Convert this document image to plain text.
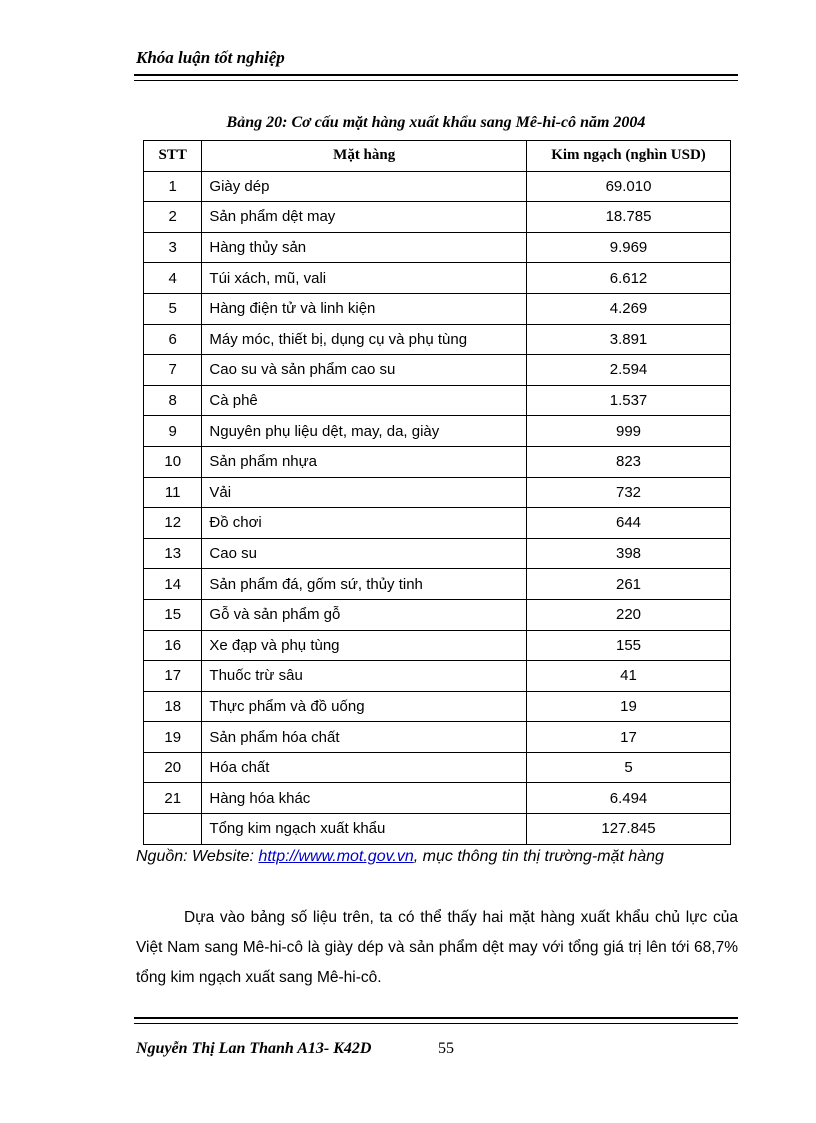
Khóa luận tốt nghiệp
Bảng 20: Cơ cấu mặt hàng xuất khẩu sang Mê-hi-cô năm 2004
STT	Mặt hàng	Kim ngạch (nghìn USD)
1	Giày dép	69.010
2	Sản phẩm dệt may	18.785
3	Hàng thủy sản	9.969
4	Túi xách, mũ, vali	6.612
5	Hàng điện tử và linh kiện	4.269
6	Máy móc, thiết bị, dụng cụ và phụ tùng	3.891
7	Cao su và sản phẩm cao su	2.594
8	Cà phê	1.537
9	Nguyên phụ liệu dệt, may, da, giày	999
10	Sản phẩm nhựa	823
11	Vải	732
12	Đồ chơi	644
13	Cao su	398
14	Sản phẩm đá, gốm sứ, thủy tinh	261
15	Gỗ và sản phẩm gỗ	220
16	Xe đạp và phụ tùng	155
17	Thuốc trừ sâu	41
18	Thực phẩm và đồ uống	19
19	Sản phẩm hóa chất	17
20	Hóa chất	5
21	Hàng hóa khác	6.494
	Tổng kim ngạch xuất khẩu	127.845
Nguồn: Website: http://www.mot.gov.vn, mục thông tin thị trường-mặt hàng

Dựa vào bảng số liệu trên, ta có thể thấy hai mặt hàng xuất khẩu chủ lực của Việt Nam sang Mê-hi-cô là giày dép và sản phẩm dệt may với tổng giá trị lên tới 68,7% tổng kim ngạch xuất sang Mê-hi-cô.

Nguyễn Thị Lan Thanh A13- K42D	55
